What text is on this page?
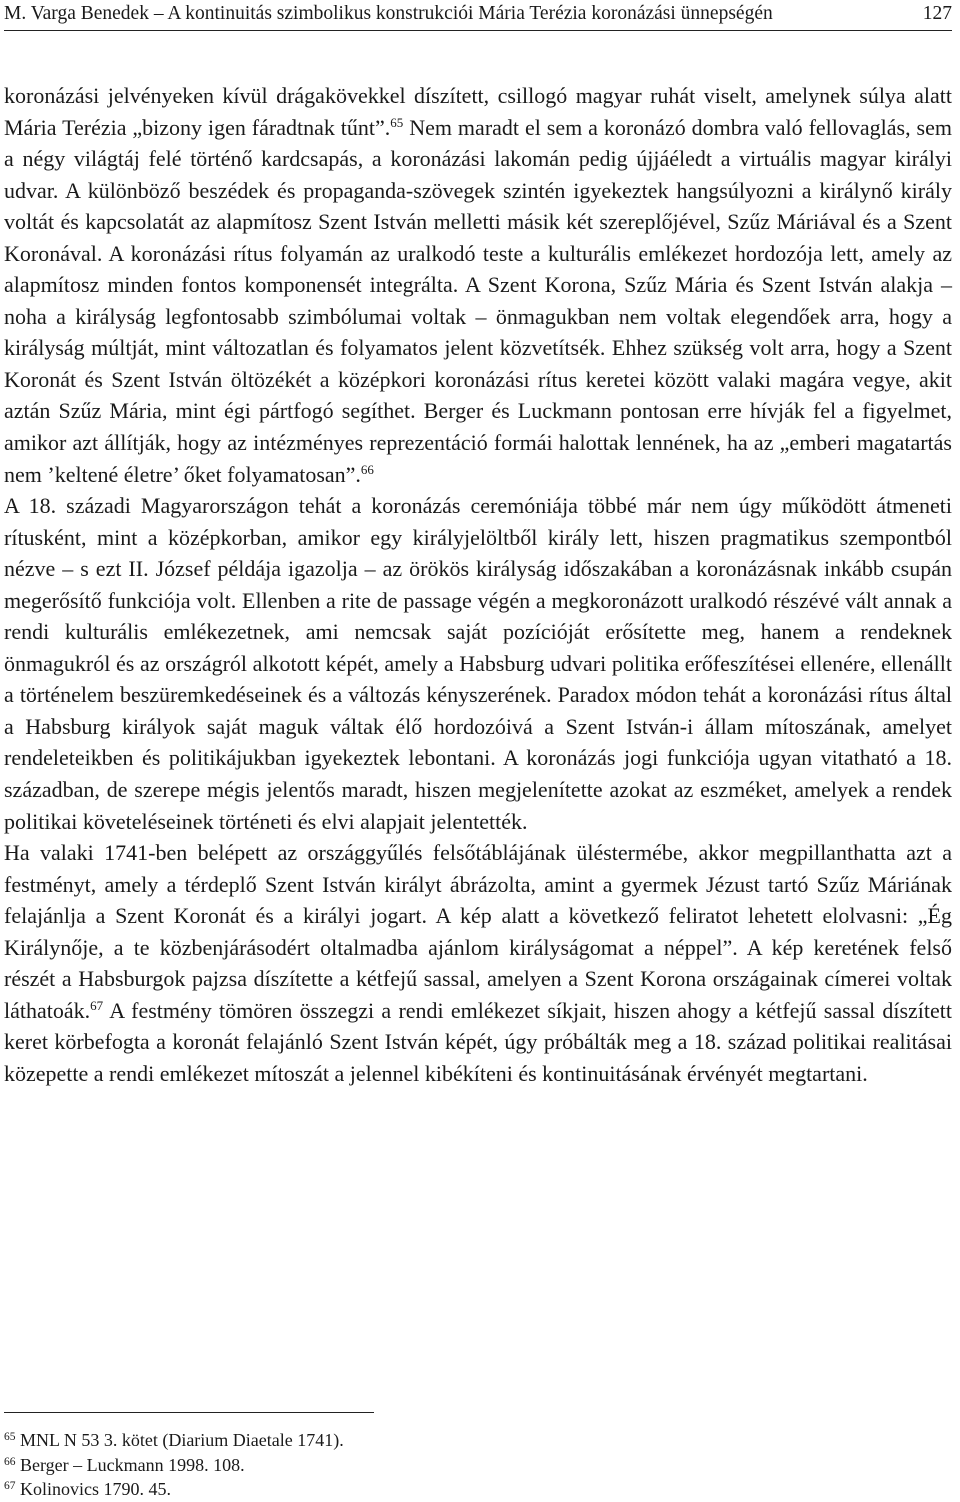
M. Varga Benedek – A kontinuitás szimbolikus konstrukciói Mária Terézia koronázási ünnepségén	127

koronázási jelvényeken kívül drágakövekkel díszített, csillogó magyar ruhát viselt, amelynek súlya alatt Mária Terézia „bizony igen fáradtnak tűnt”.$^{65}$ Nem maradt el sem a koronázó dombra való fellovaglás, sem a négy világtáj felé történő kardcsapás, a koronázási lakomán pedig újjáéledt a virtuális magyar királyi udvar. A különböző beszédek és propaganda-szövegek szintén igyekeztek hangsúlyozni a királynő király voltát és kapcsolatát az alapmítosz Szent István melletti másik két szereplőjével, Szűz Máriával és a Szent Koronával. A koronázási rítus folyamán az uralkodó teste a kulturális emlékezet hordozója lett, amely az alapmítosz minden fontos komponensét integrálta. A Szent Korona, Szűz Mária és Szent István alakja – noha a királyság legfontosabb szimbólumai voltak – önmagukban nem voltak elegendőek arra, hogy a királyság múltját, mint változatlan és folyamatos jelent közvetítsék. Ehhez szükség volt arra, hogy a Szent Koronát és Szent István öltözékét a középkori koronázási rítus keretei között valaki magára vegye, akit aztán Szűz Mária, mint égi pártfogó segíthet. Berger és Luckmann pontosan erre hívják fel a figyelmet, amikor azt állítják, hogy az intézményes reprezentáció formái halottak lennének, ha az „emberi magatartás nem ’keltené életre’ őket folyamatosan”.$^{66}$

A 18. századi Magyarországon tehát a koronázás ceremóniája többé már nem úgy működött átmeneti rítusként, mint a középkorban, amikor egy királyjelöltből király lett, hiszen pragmatikus szempontból nézve – s ezt II. József példája igazolja – az örökös királyság időszakában a koronázásnak inkább csupán megerősítő funkciója volt. Ellenben a rite de passage végén a megkoronázott uralkodó részévé vált annak a rendi kulturális emlékezetnek, ami nemcsak saját pozícióját erősítette meg, hanem a rendeknek önmagukról és az országról alkotott képét, amely a Habsburg udvari politika erőfeszítései ellenére, ellenállt a történelem beszüremkedéseinek és a változás kényszerének. Paradox módon tehát a koronázási rítus által a Habsburg királyok saját maguk váltak élő hordozóivá a Szent István-i állam mítoszának, amelyet rendeleteikben és politikájukban igyekeztek lebontani. A koronázás jogi funkciója ugyan vitatható a 18. században, de szerepe mégis jelentős maradt, hiszen megjelenítette azokat az eszméket, amelyek a rendek politikai követeléseinek történeti és elvi alapjait jelentették.

Ha valaki 1741-ben belépett az országgyűlés felsőtáblájának üléstermébe, akkor megpillanthatta azt a festményt, amely a térdeplő Szent István királyt ábrázolta, amint a gyermek Jézust tartó Szűz Máriának felajánlja a Szent Koronát és a királyi jogart. A kép alatt a következő feliratot lehetett elolvasni: „Ég Királynője, a te közbenjárásodért oltalmadba ajánlom királyságomat a néppel”. A kép keretének felső részét a Habsburgok pajzsa díszítette a kétfejű sassal, amelyen a Szent Korona országainak címerei voltak láthatoák.$^{67}$ A festmény tömören összegzi a rendi emlékezet síkjait, hiszen ahogy a kétfejű sassal díszített keret körbefogta a koronát felajánló Szent István képét, úgy próbálták meg a 18. század politikai realitásai közepette a rendi emlékezet mítoszát a jelennel kibékíteni és kontinuitásának érvényét megtartani.

$^{65}$ MNL N 53 3. kötet (Diarium Diaetale 1741).
$^{66}$ Berger – Luckmann 1998. 108.
$^{67}$ Kolinovics 1790. 45.
